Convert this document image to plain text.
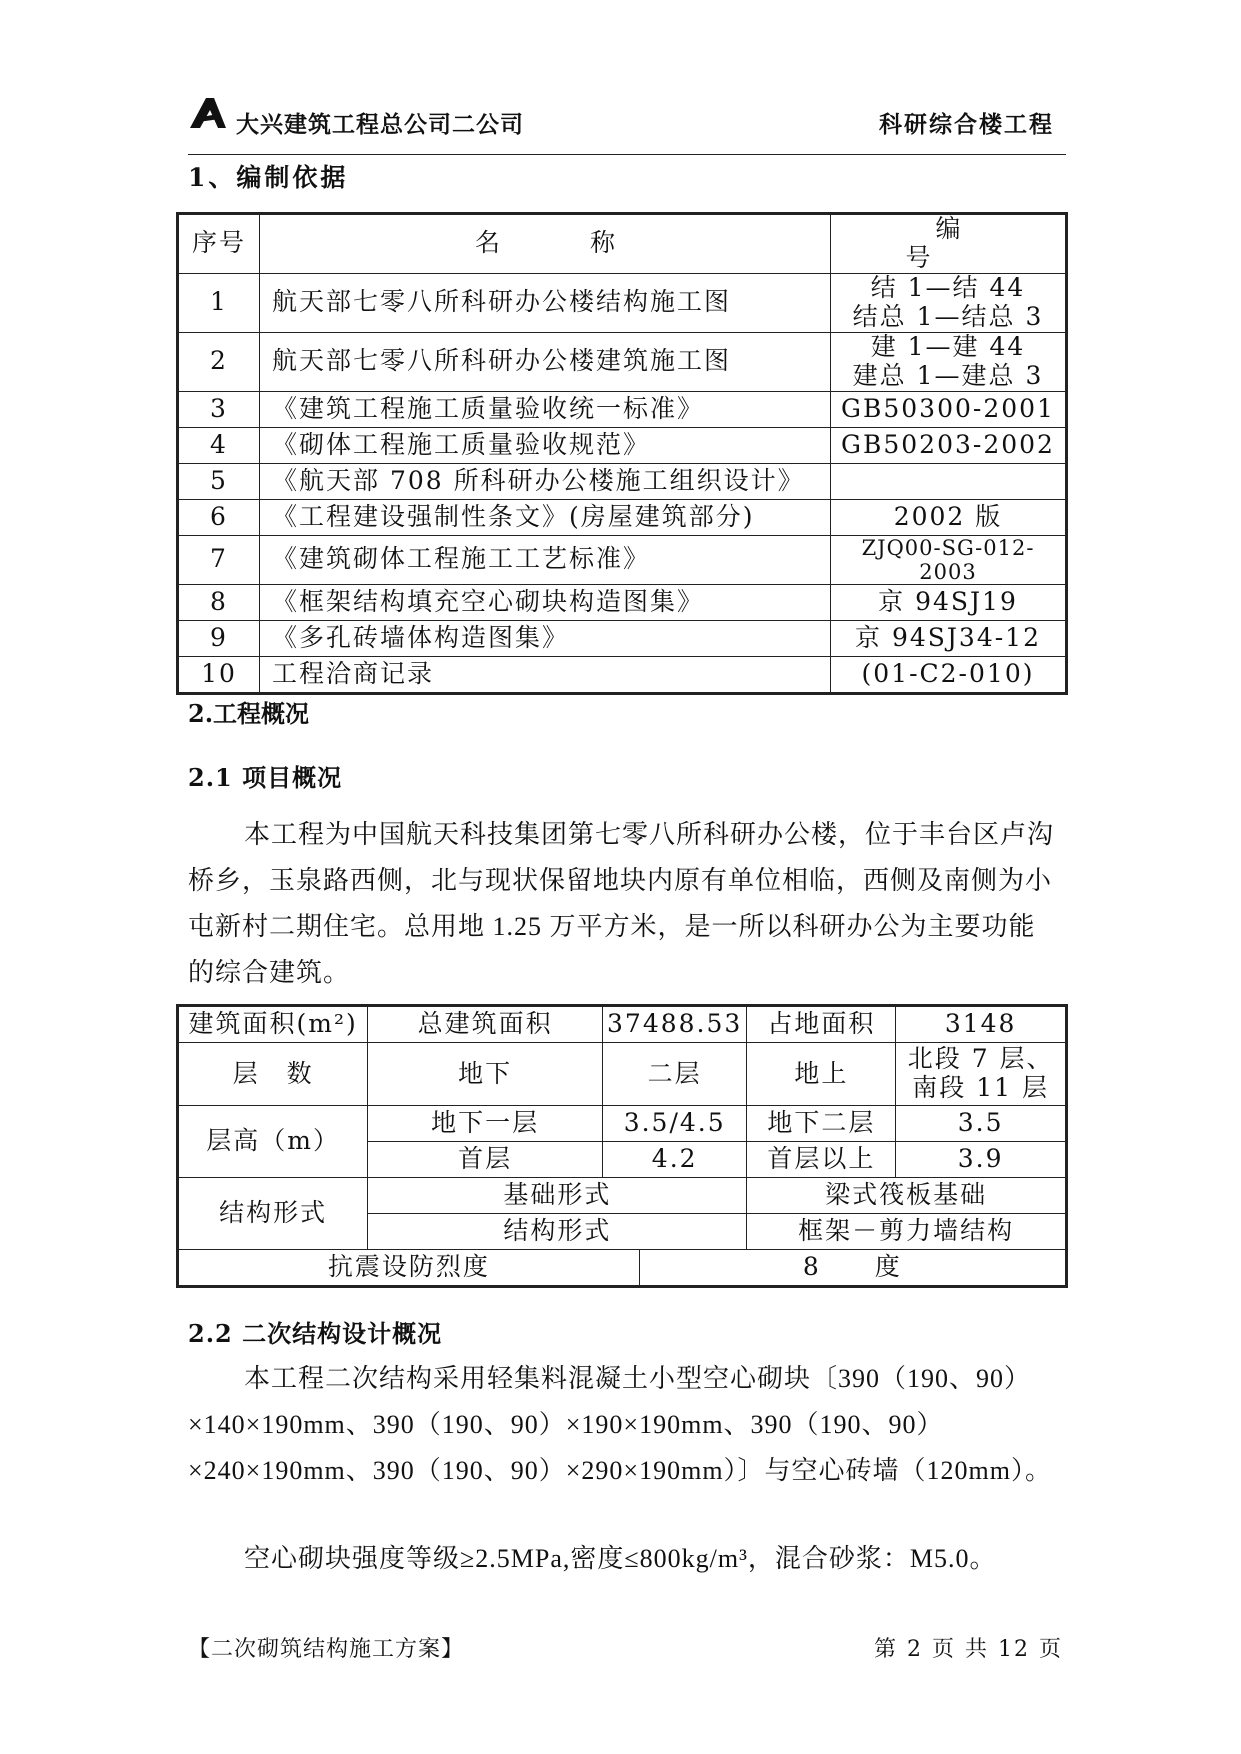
大兴建筑工程总公司二公司	科研综合楼工程
1、编制依据
序号	名称	编号
1	航天部七零八所科研办公楼结构施工图	结 1—结 44
结总 1—结总 3

2	航天部七零八所科研办公楼建筑施工图	建 1—建 44
建总 1—建总 3

3	《建筑工程施工质量验收统一标准》	GB50300-2001
4	《砌体工程施工质量验收规范》	GB50203-2002
5	《航天部 708 所科研办公楼施工组织设计》	
6	《工程建设强制性条文》(房屋建筑部分)	2002 版
7	《建筑砌体工程施工工艺标准》	ZJQ00-SG-012-2003
8	《框架结构填充空心砌块构造图集》	京 94SJ19
9	《多孔砖墙体构造图集》	京 94SJ34-12
10	工程洽商记录	(01-C2-010)
2.工程概况
2.1 项目概况
本工程为中国航天科技集团第七零八所科研办公楼，位于丰台区卢沟桥乡，玉泉路西侧，北与现状保留地块内原有单位相临，西侧及南侧为小屯新村二期住宅。总用地 1.25 万平方米，是一所以科研办公为主要功能的综合建筑。
建筑面积(m²)	总建筑面积	37488.53		占地面积	3148
层　数	地下	二层		地上	北段 7 层、
南段 11 层

层高（m）	地下一层	3.5/4.5		地下二层	3.5
	首层	4.2		首层以上	3.9
结构形式	基础形式			梁式筏板基础	
	结构形式			框架－剪力墙结构	
抗震设防烈度			8　　度		
2.2 二次结构设计概况
本工程二次结构采用轻集料混凝土小型空心砌块〔390（190、90）×140×190mm、390（190、90）×190×190mm、390（190、90）×240×190mm、390（190、90）×290×190mm）〕与空心砖墙（120mm）。
空心砌块强度等级≥2.5MPa,密度≤800kg/m³，混合砂浆：M5.0。
【二次砌筑结构施工方案】	第 2 页 共 12 页
